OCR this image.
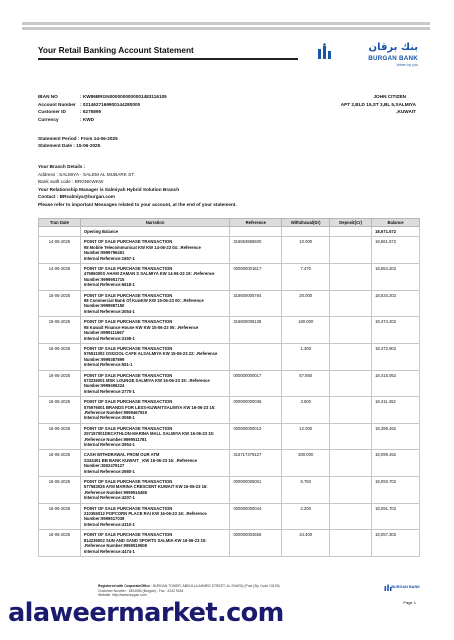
Your Retail Banking Account Statement	بنك برقان
BURGAN BANK
driven by you
IBAN NO	: KW86BRGN0000000000001483116105
Account Number : 0214627169900144280000
Customer ID	: 6275895
Currency	: KWD
JOHN CITIZEN
APT 2,BLD 15,ST 3,BL 5,SALMIYA
,KUWAIT
Statement Period : From 14-06-2025
Statement Date : 15-06-2025
Your Branch Details :
Address : SALMIYA - SALEM AL MUBARK ST.
Bank swift code : BRGNKWKW
Your Relationship Manager is Salmiyah Hybrid Solution Branch
Contact : BRsalmiya@burgan.com
Please refer to important Messages related to your account, at the end of your statement.
Tran Date	Narration	Reference	Withdrawal(Dr)	Deposit(Cr)	Balance
	Opening Balance				18,671.672
14-06-2025	POINT OF SALE PURCHASE TRANSACTION
98 Mobile Telecommunicat KW KW 14-06-23 04: .Reference
Number:9999796461
Internal Reference:1657-1	316553686600	10.000		18,661.672
14-06-2025	POINT OF SALE PURCHASE TRANSACTION
47596000S AHAM ZAMAN S SALMIYA KW 14-06-23 19: .Reference
Number:9999951715
Internal Reference:6618-1	000000001617	7.470		18,654.202
15-06-2025	POINT OF SALE PURCHASE TRANSACTION
98 Commercial Bank Of KuwKW KW 15-06-23 00: .Reference
Number:9999987150
Internal Reference:3054-1	316600005784	20.000		18,634.202
15-06-2025	POINT OF SALE PURCHASE TRANSACTION
98 Kuwait Finance House KW KW 15-06-23 05: .Reference
Number:9999111667
Internal Reference:3159-1	316600006136	160.000		18,474.202
16-06-2025	POINT OF SALE PURCHASE TRANSACTION
576511002 OSGOOL CAFE ALSALMIYA KW 15-06-23 22: .Reference
Number:9999387899
Internal Reference:551-1		1.300		18,472.902
16-06-2025	POINT OF SALE PURCHASE TRANSACTION
573236001 MSK LOUNGE SALMIYA KW 16-06-23 15: .Reference
Number:9999496224
Internal Reference:3770-1	000000000017	57.850		18,415.052
16-06-2025	POINT OF SALE PURCHASE TRANSACTION
575976001 BRANDS FOR LESS-KUWAITSALMIYA KW 16-06-23 15:
.Reference Number:9999467919
Internal Reference:3069-1	000000000036	3.600		18,411.452
16-06-2025	POINT OF SALE PURCHASE TRANSACTION
257157001DECATHLON-MARINA MALL SALMIYA KW 16-06-23 15:
.Reference Number:9999511781
Internal Reference:3954-1	000000000013	12.000		18,399.452
16-06-2025	CASH WITHDRAWAL FROM OUR ATM
S343401 BB BANK KUWAIT _KW 16-06-23 16: .Reference
Number:3602479127
Internal Reference:3980-1	316717479127	300.000		18,099.452
16-06-2025	POINT OF SALE PURCHASE TRANSACTION
577583026 AYM MARINA CRESCENT KUWAIT KW 16-06-23 16:
.Reference Number:9999515458
Internal Reference:4207-1	000000005001	5.750		18,093.702
16-06-2025	POINT OF SALE PURCHASE TRANSACTION
210355012 POPCORN PLACE RAI KW 16-06-23 16: .Reference
Number:9999517039
Internal Reference:4310-1	000000000044	2.200		18,091.702
16-06-2025	POINT OF SALE PURCHASE TRANSACTION
814236002 SUN AND SAND SPORTS SALMIA KW 16-06-23 15:
.Reference Number:9999519508
Internal Reference:4474-1	000000004556	34.400		18,057.302
Registered with CorporateOffice : BURGAN TOWER, ABDULLA AHMED STREET, AL SHARQ (Post (Zip Code 13139)
Customer Number : 1804080 (Burgan) - Fax : 2242 9244
Website: http://www.burgan.com
BURGAN BANK
Page 1
alaweermarket.com
